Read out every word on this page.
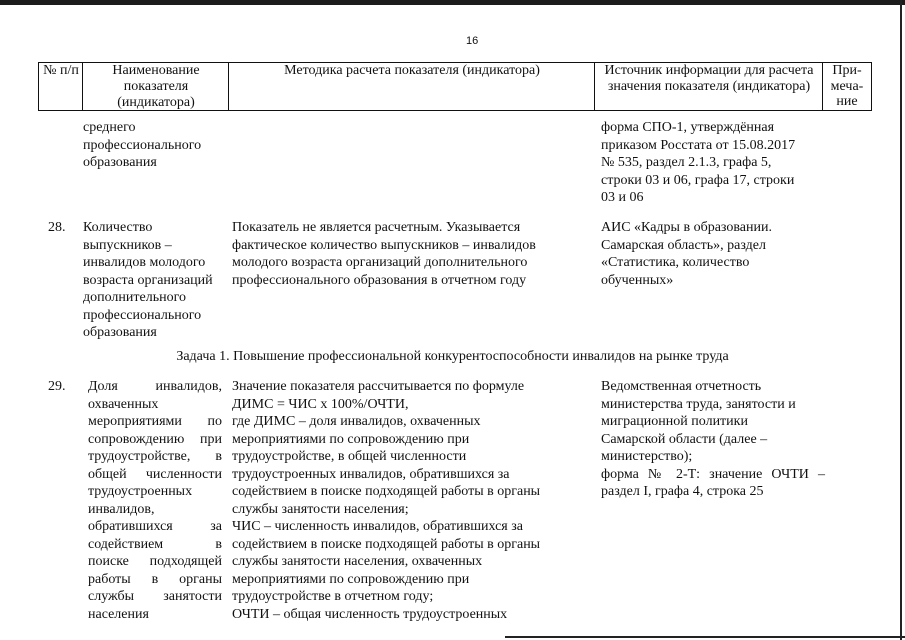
16
№ п/п	Наименование показателя (индикатора)
Методика расчета показателя (индикатора)	Источник информации для расчета значения показателя (индикатора)
При-
меча-
ние
среднего
профессионального
образования
форма СПО-1, утверждённая
приказом Росстата от 15.08.2017
№ 535, раздел 2.1.3, графа 5,
строки 03 и 06, графа 17, строки
03 и 06
28. Количество
выпускников –
инвалидов молодого
возраста организаций
дополнительного
профессионального
образования
Показатель не является расчетным. Указывается
фактическое количество выпускников – инвалидов
молодого возраста организаций дополнительного
профессионального образования в отчетном году
АИС «Кадры в образовании.
Самарская область», раздел
«Статистика, количество
обученных»
Задача 1. Повышение профессиональной конкурентоспособности инвалидов на рынке труда
29. Доля инвалидов,
охваченных
мероприятиями по
сопровождению при
трудоустройстве, в
общей численности
трудоустроенных
инвалидов,
обратившихся за
содействием в
поиске подходящей
работы в органы
службы занятости
населения
Значение показателя рассчитывается по формуле
ДИМС = ЧИС х 100%/ОЧТИ,
где ДИМС – доля инвалидов, охваченных
мероприятиями по сопровождению при
трудоустройстве, в общей численности
трудоустроенных инвалидов, обратившихся за
содействием в поиске подходящей работы в органы
службы занятости населения;
ЧИС – численность инвалидов, обратившихся за
содействием в поиске подходящей работы в органы
службы занятости населения, охваченных
мероприятиями по сопровождению при
трудоустройстве в отчетном году;
ОЧТИ – общая численность трудоустроенных
Ведомственная отчетность
министерства труда, занятости и
миграционной политики
Самарской области (далее –
министерство);
форма № 2-Т: значение ОЧТИ –
раздел I, графа 4, строка 25
